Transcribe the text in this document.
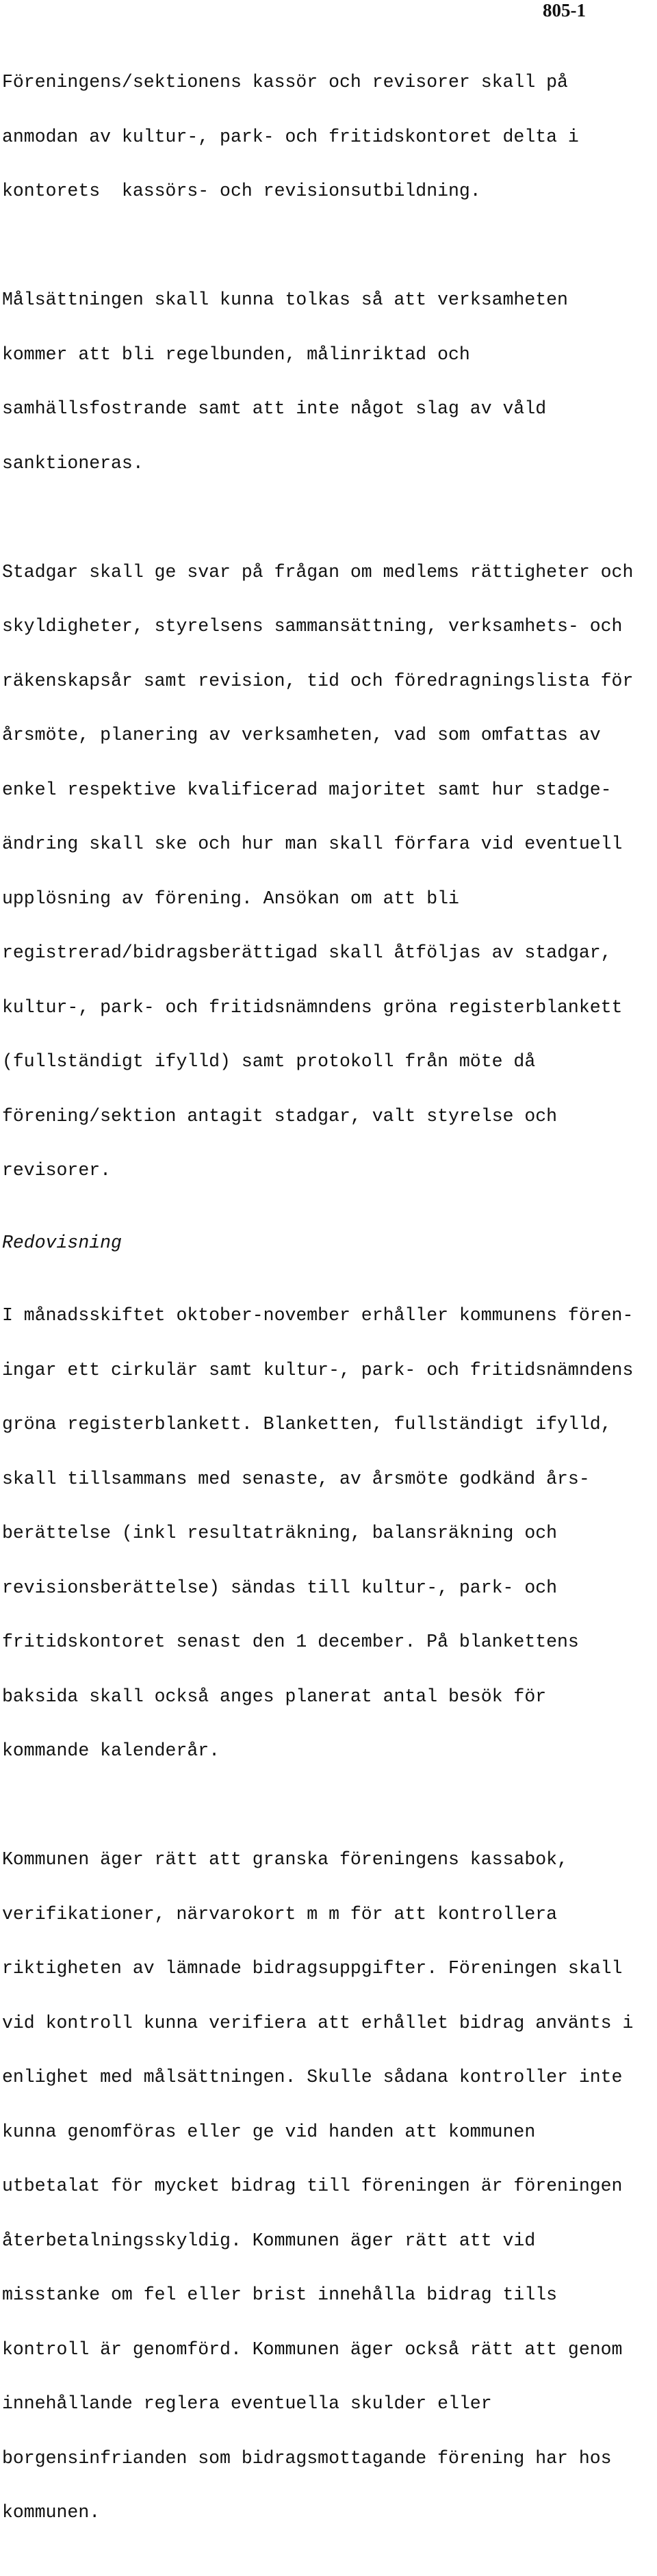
805-1

Föreningens/sektionens kassör och revisorer skall på

anmodan av kultur-, park- och fritidskontoret delta i

kontorets  kassörs- och revisionsutbildning.

Målsättningen skall kunna tolkas så att verksamheten

kommer att bli regelbunden, målinriktad och

samhällsfostrande samt att inte något slag av våld

sanktioneras.

Stadgar skall ge svar på frågan om medlems rättigheter och

skyldigheter, styrelsens sammansättning, verksamhets- och

räkenskapsår samt revision, tid och föredragningslista för

årsmöte, planering av verksamheten, vad som omfattas av

enkel respektive kvalificerad majoritet samt hur stadge-

ändring skall ske och hur man skall förfara vid eventuell

upplösning av förening. Ansökan om att bli

registrerad/bidragsberättigad skall åtföljas av stadgar,

kultur-, park- och fritidsnämndens gröna registerblankett

(fullständigt ifylld) samt protokoll från möte då

förening/sektion antagit stadgar, valt styrelse och

revisorer.

Redovisning

I månadsskiftet oktober-november erhåller kommunens fören-

ingar ett cirkulär samt kultur-, park- och fritidsnämndens

gröna registerblankett. Blanketten, fullständigt ifylld,

skall tillsammans med senaste, av årsmöte godkänd års-

berättelse (inkl resultaträkning, balansräkning och

revisionsberättelse) sändas till kultur-, park- och

fritidskontoret senast den 1 december. På blankettens

baksida skall också anges planerat antal besök för

kommande kalenderår.

Kommunen äger rätt att granska föreningens kassabok,

verifikationer, närvarokort m m för att kontrollera

riktigheten av lämnade bidragsuppgifter. Föreningen skall

vid kontroll kunna verifiera att erhållet bidrag använts i

enlighet med målsättningen. Skulle sådana kontroller inte

kunna genomföras eller ge vid handen att kommunen

utbetalat för mycket bidrag till föreningen är föreningen

återbetalningsskyldig. Kommunen äger rätt att vid

misstanke om fel eller brist innehålla bidrag tills

kontroll är genomförd. Kommunen äger också rätt att genom

innehållande reglera eventuella skulder eller

borgensinfrianden som bidragsmottagande förening har hos

kommunen.
